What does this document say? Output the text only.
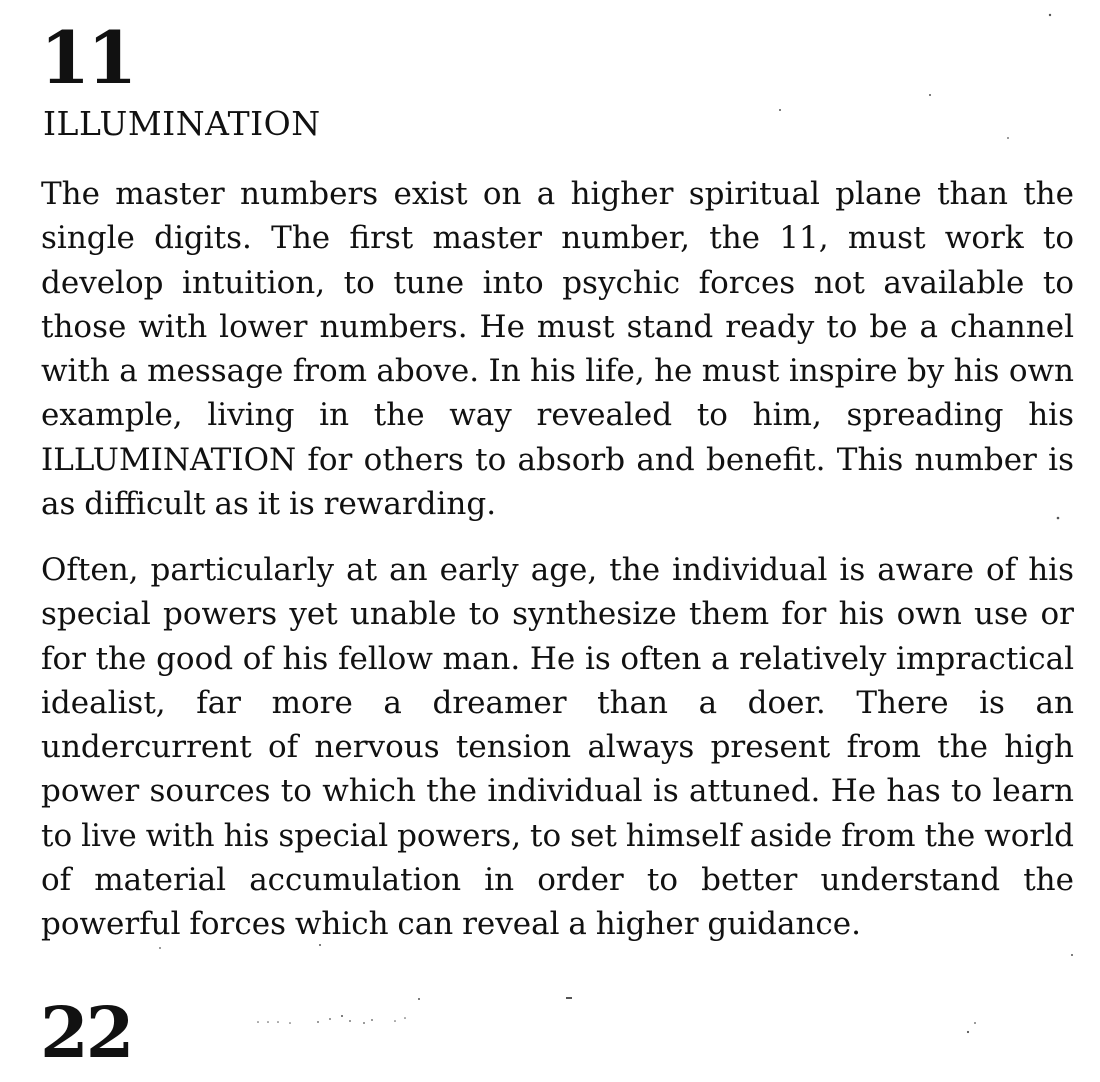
11
ILLUMINATION

The master numbers exist on a higher spiritual plane than the single digits. The first master number, the 11, must work to develop intuition, to tune into psychic forces not available to those with lower numbers. He must stand ready to be a channel with a message from above. In his life, he must inspire by his own example, living in the way revealed to him, spreading his ILLUMINATION for others to absorb and benefit. This number is as difficult as it is rewarding.

Often, particularly at an early age, the individual is aware of his special powers yet unable to synthesize them for his own use or for the good of his fellow man. He is often a relatively impractical idealist, far more a dreamer than a doer. There is an undercurrent of nervous tension always present from the high power sources to which the individual is attuned. He has to learn to live with his special powers, to set himself aside from the world of material accumulation in order to better understand the powerful forces which can reveal a higher guidance.

22
